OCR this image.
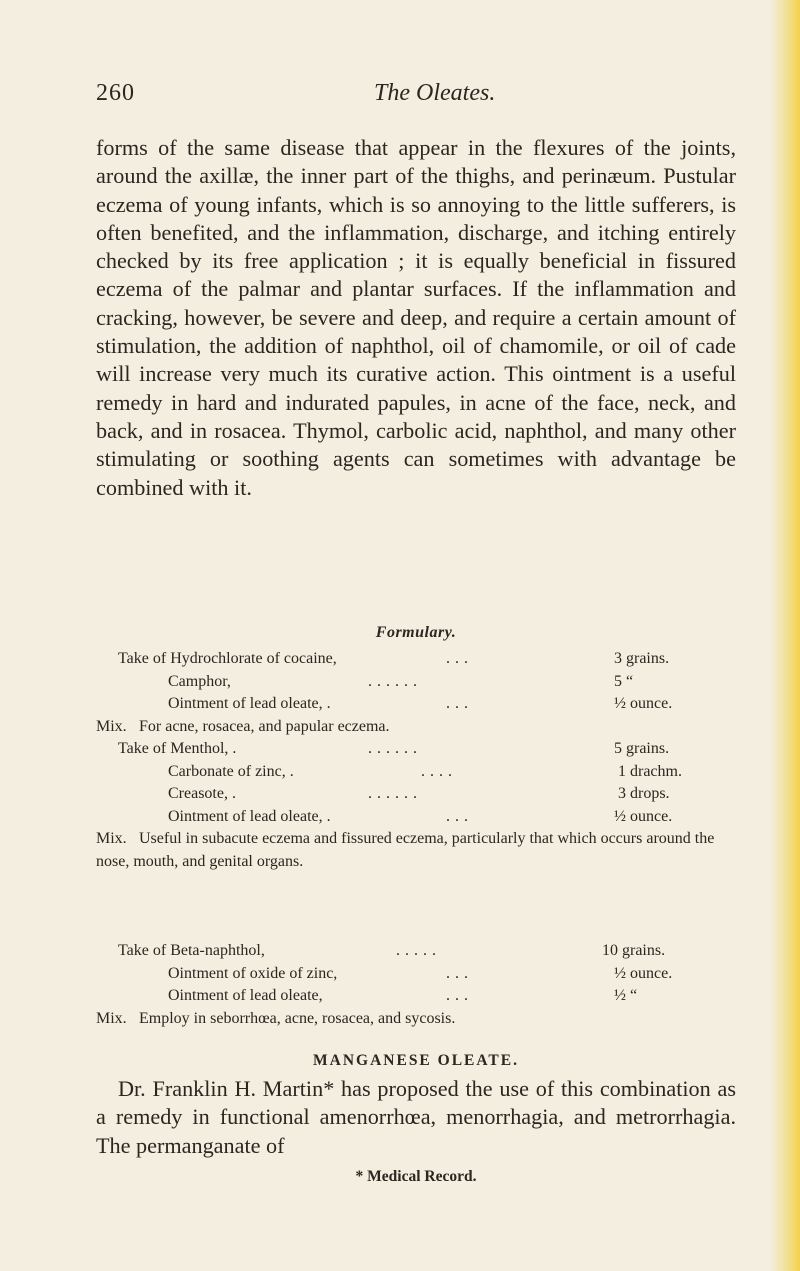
260	The Oleates.

forms of the same disease that appear in the flexures of the joints, around the axillæ, the inner part of the thighs, and perinæum. Pustular eczema of young infants, which is so annoying to the little sufferers, is often benefited, and the inflammation, discharge, and itching entirely checked by its free application ; it is equally beneficial in fissured eczema of the palmar and plantar surfaces. If the inflammation and cracking, however, be severe and deep, and require a certain amount of stimulation, the addition of naphthol, oil of chamomile, or oil of cade will increase very much its curative action. This ointment is a useful remedy in hard and indurated papules, in acne of the face, neck, and back, and in rosacea. Thymol, carbolic acid, naphthol, and many other stimulating or soothing agents can sometimes with advantage be combined with it.

Formulary.
Take of Hydrochlorate of cocaine,	. . .	3 grains.
Camphor,	. . . . . .	5 “
Ointment of lead oleate, .	. . .	½ ounce.

Mix. For acne, rosacea, and papular eczema.

Take of Menthol, .	. . . . . .	5 grains.
Carbonate of zinc, .	. . . .	1 drachm.
Creasote, .	. . . . . .	3 drops.
Ointment of lead oleate, .	. . .	½ ounce.

Mix. Useful in subacute eczema and fissured eczema, particularly that which occurs around the nose, mouth, and genital organs.

Take of Beta-naphthol,	. . . . .	10 grains.
Ointment of oxide of zinc,	. . .	½ ounce.
Ointment of lead oleate,	. . .	½ “

Mix. Employ in seborrhœa, acne, rosacea, and sycosis.

MANGANESE OLEATE.

Dr. Franklin H. Martin* has proposed the use of this combination as a remedy in functional amenorrhœa, menorrhagia, and metrorrhagia. The permanganate of

* Medical Record.
